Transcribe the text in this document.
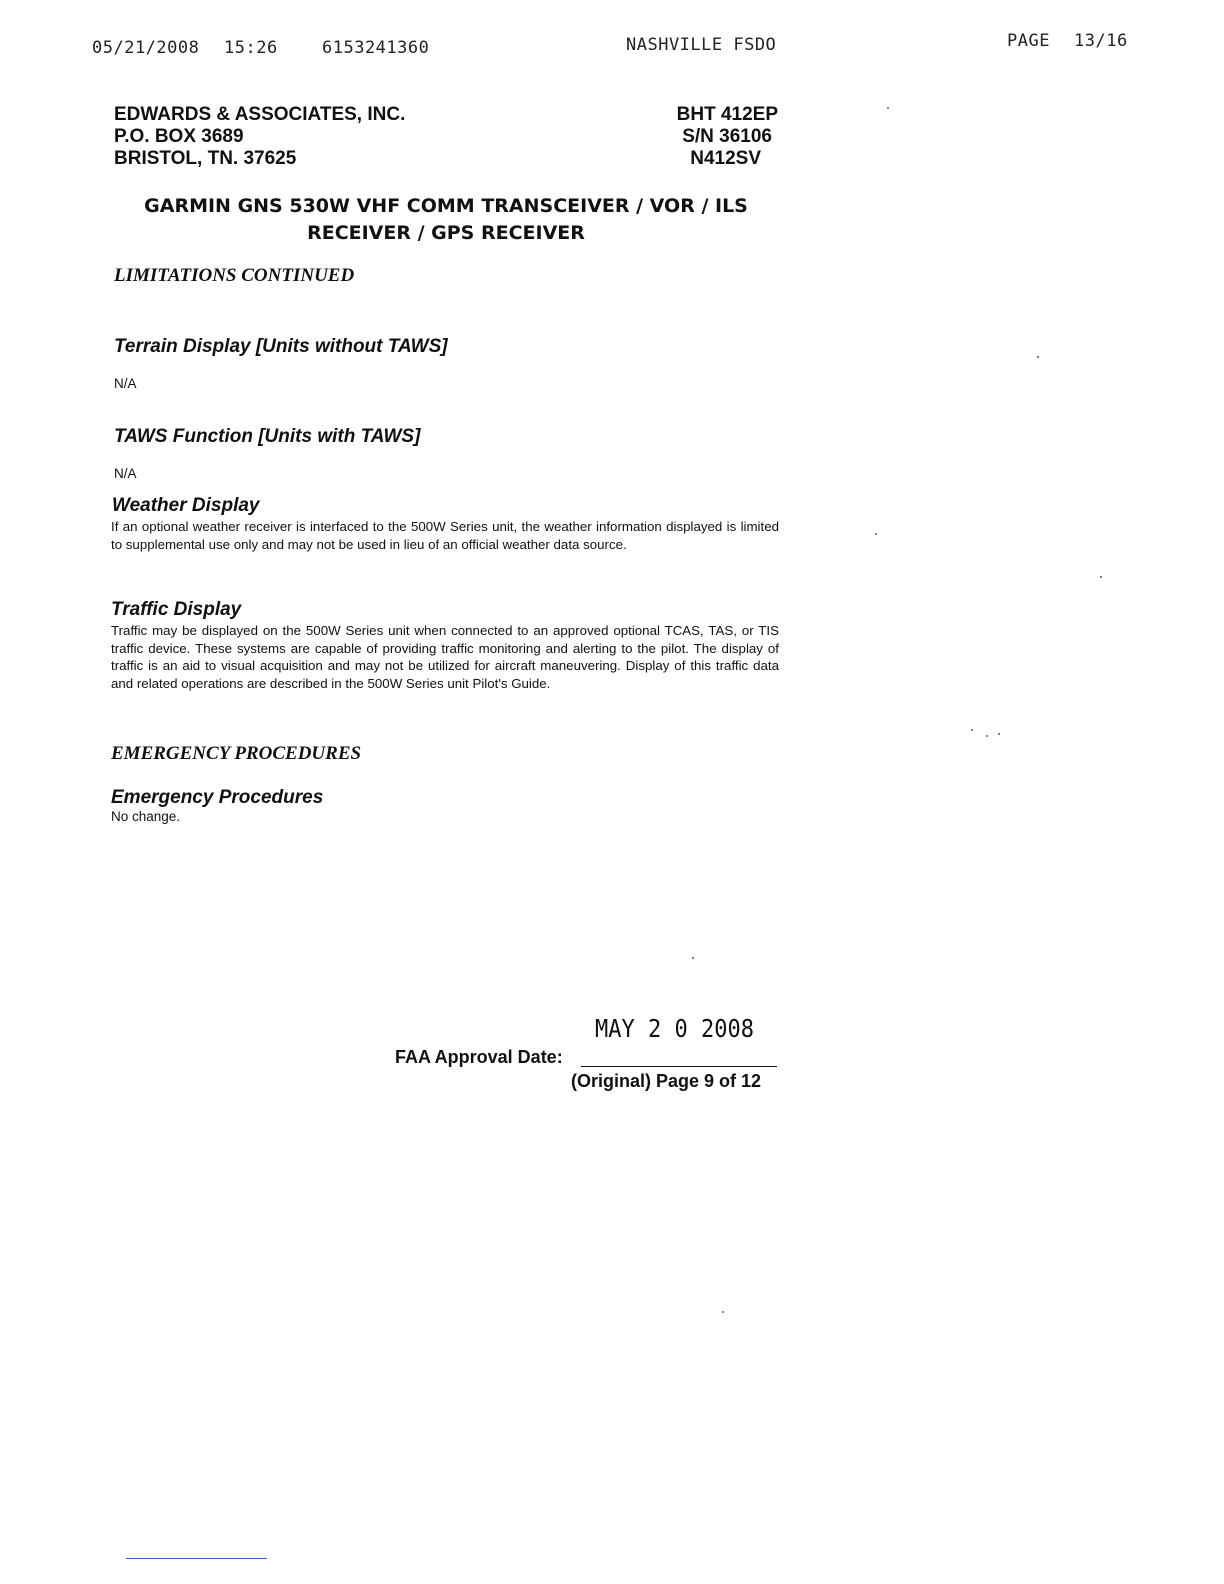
05/21/2008 15:26	6153241360	NASHVILLE FSDO	PAGE 13/16
EDWARDS & ASSOCIATES, INC.
P.O. BOX 3689
BRISTOL, TN. 37625
BHT 412EP
S/N 36106
N412SV
GARMIN GNS 530W VHF COMM TRANSCEIVER / VOR / ILS
RECEIVER / GPS RECEIVER
LIMITATIONS CONTINUED
Terrain Display [Units without TAWS]
N/A
TAWS Function [Units with TAWS]
N/A
Weather Display
If an optional weather receiver is interfaced to the 500W Series unit, the weather information displayed is limited to supplemental use only and may not be used in lieu of an official weather data source.
Traffic Display
Traffic may be displayed on the 500W Series unit when connected to an approved optional TCAS, TAS, or TIS traffic device. These systems are capable of providing traffic monitoring and alerting to the pilot. The display of traffic is an aid to visual acquisition and may not be utilized for aircraft maneuvering. Display of this traffic data and related operations are described in the 500W Series unit Pilot's Guide.
EMERGENCY PROCEDURES
Emergency Procedures
No change.
MAY 2 0 2008
FAA Approval Date:
(Original) Page 9 of 12
